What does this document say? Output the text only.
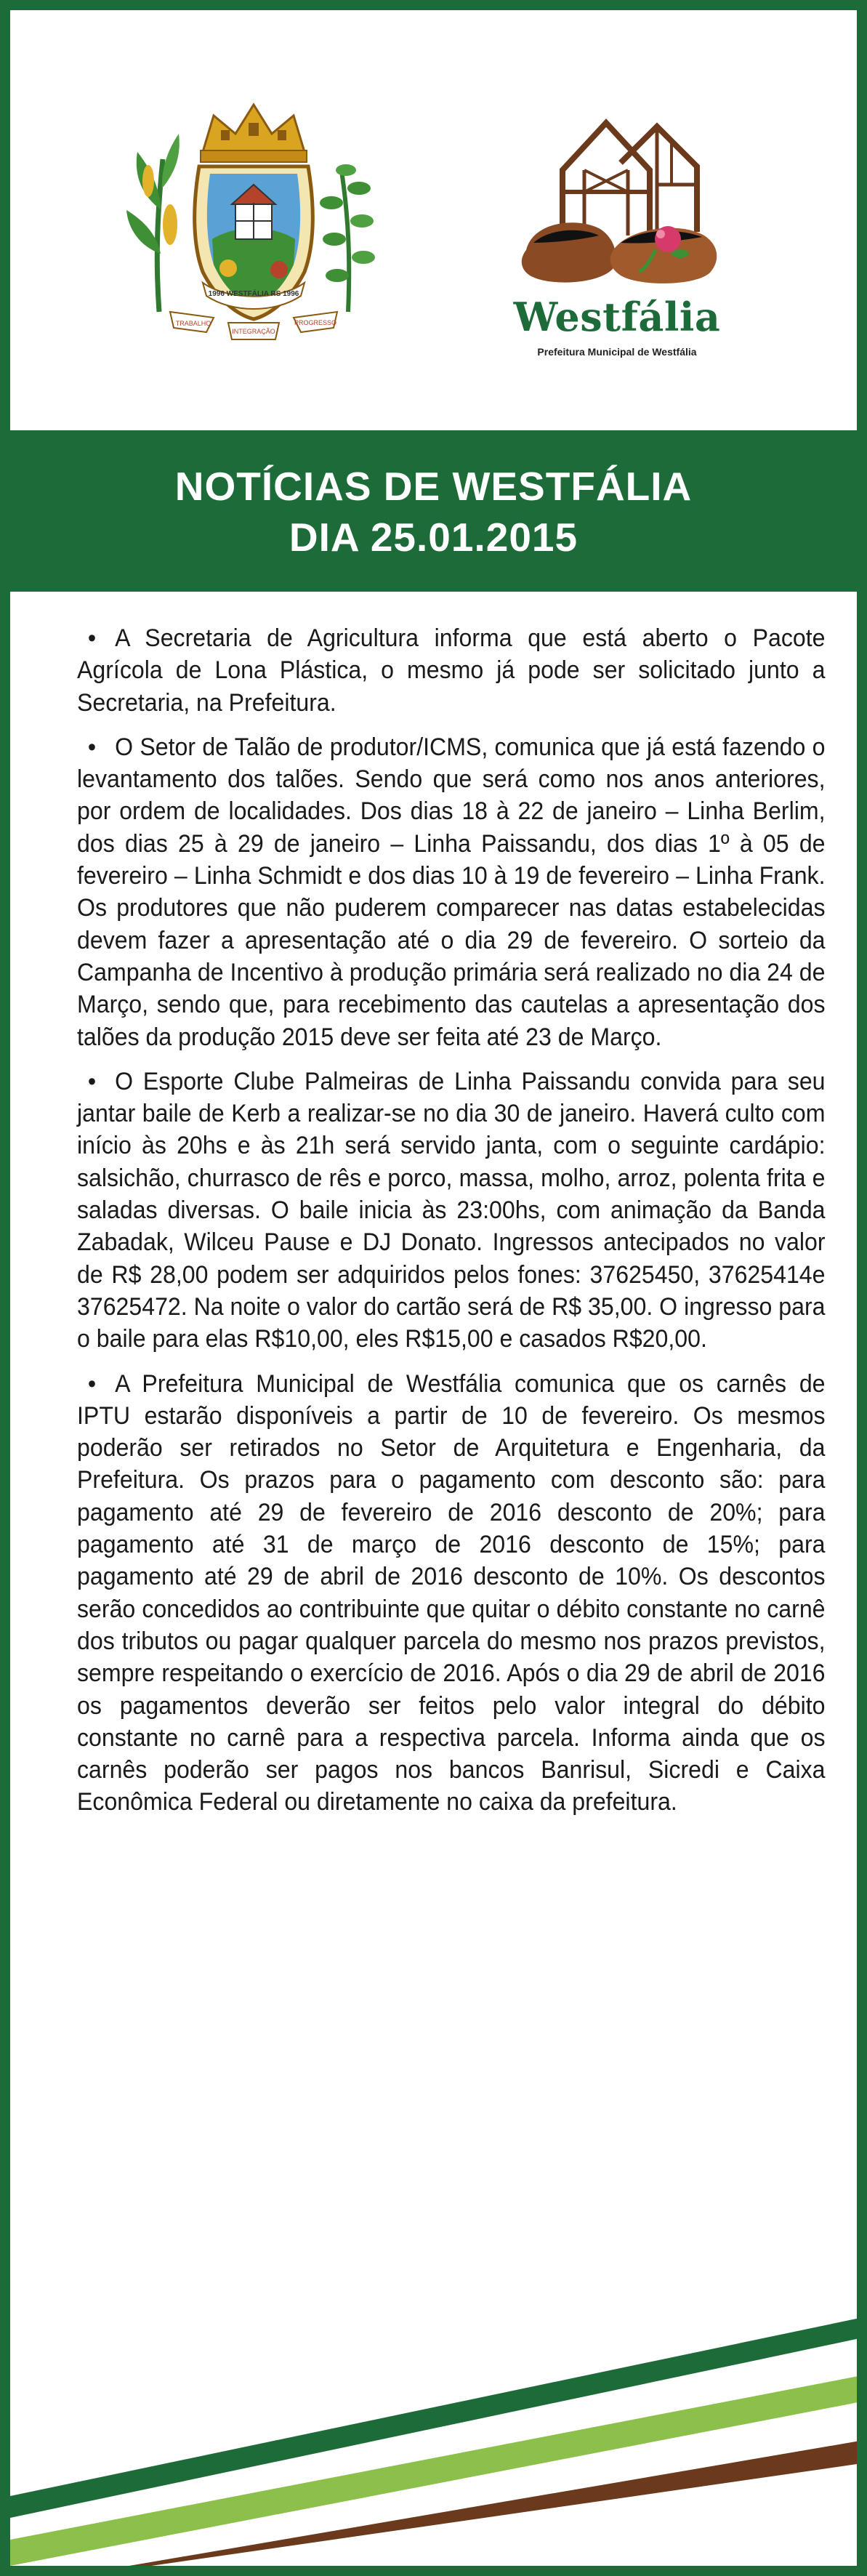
TRABALHO
INTEGRAÇÃO
PROGRESSO
1996 WESTFÁLIA RS 1996	Westfália
Prefeitura Municipal de Westfália
NOTÍCIAS DE WESTFÁLIA
DIA 25.01.2015

• A Secretaria de Agricultura informa que está aberto o Pacote Agrícola de Lona Plástica, o mesmo já pode ser solicitado junto a Secretaria, na Prefeitura.

• O Setor de Talão de produtor/ICMS, comunica que já está fazendo o levantamento dos talões. Sendo que será como nos anos anteriores, por ordem de localidades. Dos dias 18 à 22 de janeiro – Linha Berlim, dos dias 25 à 29 de janeiro – Linha Paissandu, dos dias 1º à 05 de fevereiro – Linha Schmidt e dos dias 10 à 19 de fevereiro – Linha Frank. Os produtores que não puderem comparecer nas datas estabelecidas devem fazer a apresentação até o dia 29 de fevereiro. O sorteio da Campanha de Incentivo à produção primária será realizado no dia 24 de Março, sendo que, para recebimento das cautelas a apresentação dos talões da produção 2015 deve ser feita até 23 de Março.

• O Esporte Clube Palmeiras de Linha Paissandu convida para seu jantar baile de Kerb a realizar-se no dia 30 de janeiro. Haverá culto com início às 20hs e às 21h será servido janta, com o seguinte cardápio: salsichão, churrasco de rês e porco, massa, molho, arroz, polenta frita e saladas diversas. O baile inicia às 23:00hs, com animação da Banda Zabadak, Wilceu Pause e DJ Donato. Ingressos antecipados no valor de R$ 28,00 podem ser adquiridos pelos fones: 37625450, 37625414e 37625472. Na noite o valor do cartão será de R$ 35,00. O ingresso para o baile para elas R$10,00, eles R$15,00 e casados R$20,00.

• A Prefeitura Municipal de Westfália comunica que os carnês de IPTU estarão disponíveis a partir de 10 de fevereiro. Os mesmos poderão ser retirados no Setor de Arquitetura e Engenharia, da Prefeitura. Os prazos para o pagamento com desconto são: para pagamento até 29 de fevereiro de 2016 desconto de 20%; para pagamento até 31 de março de 2016 desconto de 15%; para pagamento até 29 de abril de 2016 desconto de 10%. Os descontos serão concedidos ao contribuinte que quitar o débito constante no carnê dos tributos ou pagar qualquer parcela do mesmo nos prazos previstos, sempre respeitando o exercício de 2016. Após o dia 29 de abril de 2016 os pagamentos deverão ser feitos pelo valor integral do débito constante no carnê para a respectiva parcela. Informa ainda que os carnês poderão ser pagos nos bancos Banrisul, Sicredi e Caixa Econômica Federal ou diretamente no caixa da prefeitura.
